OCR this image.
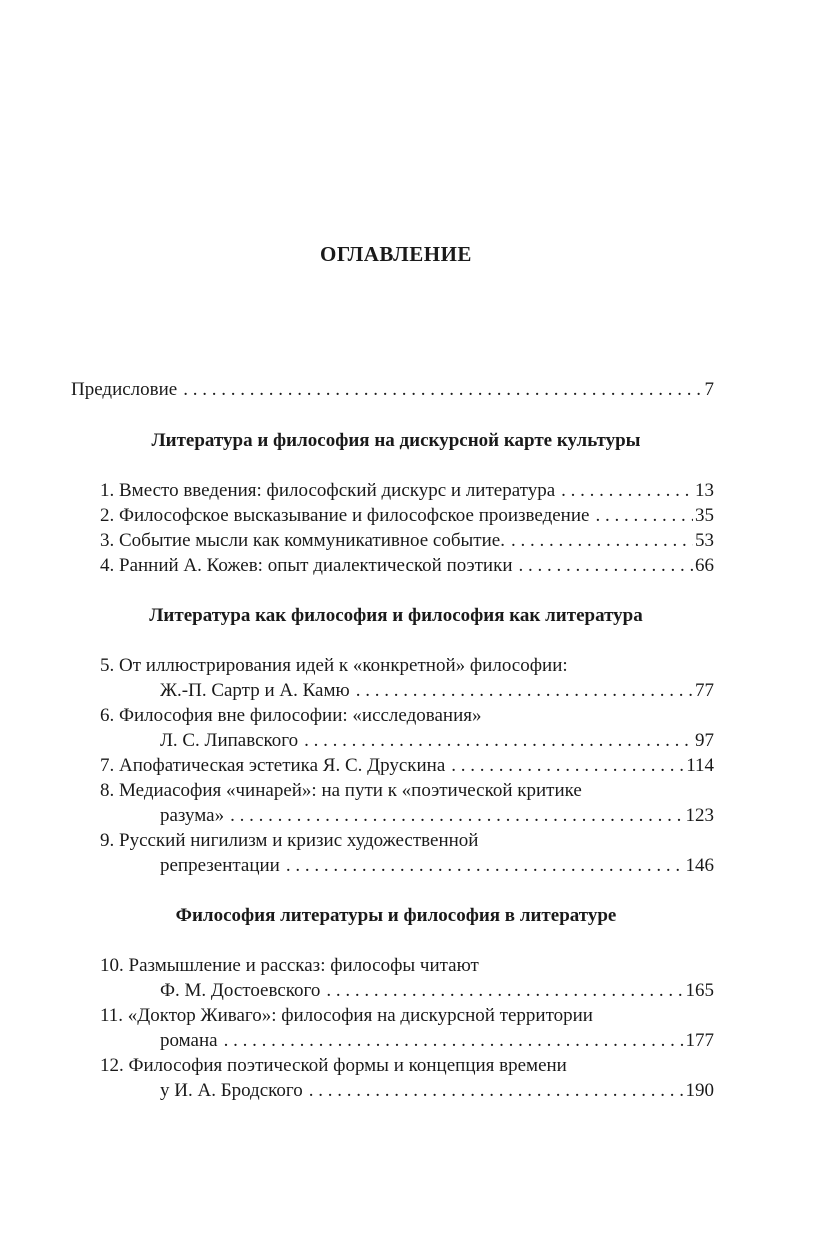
ОГЛАВЛЕНИЕ
Предисловие . . .	7
Литература и философия на дискурсной карте культуры
1. Вместо введения: философский дискурс и литература . . .	13
2. Философское высказывание и философское произведение . . .	35
3. Событие мысли как коммуникативное событие. . . .	53
4. Ранний А. Кожев: опыт диалектической поэтики . . .	66
Литература как философия и философия как литература
5. От иллюстрирования идей к «конкретной» философии:
Ж.-П. Сартр и А. Камю . . .	77
6. Философия вне философии: «исследования»
Л. С. Липавского . . .	97
7. Апофатическая эстетика Я. С. Друскина . . .	114
8. Медиасофия «чинарей»: на пути к «поэтической критике
разума» . . .	123
9. Русский нигилизм и кризис художественной
репрезентации . . .	146
Философия литературы и философия в литературе
10. Размышление и рассказ: философы читают
Ф. М. Достоевского . . .	165
11. «Доктор Живаго»: философия на дискурсной территории
романа . . .	177
12. Философия поэтической формы и концепция времени
у И. А. Бродского . . .	190
